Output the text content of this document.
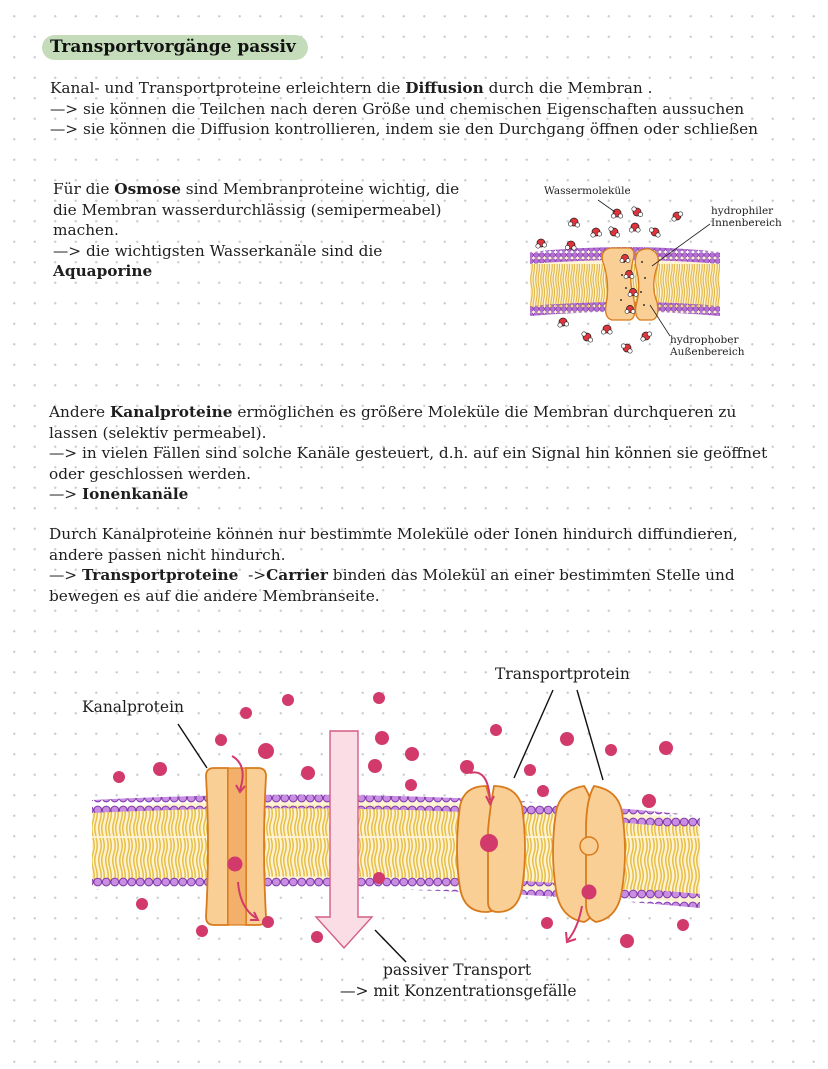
Transportvorgänge passiv
Kanal- und Transportproteine erleichtern die Diffusion durch die Membran .
—> sie können die Teilchen nach deren Größe und chemischen Eigenschaften aussuchen
—> sie können die Diffusion kontrollieren, indem sie den Durchgang öffnen oder schließen
Für die Osmose sind Membranproteine wichtig, die
die Membran wasserdurchlässig (semipermeabel)
machen.
—> die wichtigsten Wasserkanäle sind die
Aquaporine
Wassermoleküle
hydrophiler
Innenbereich
hydrophober
Außenbereich
Andere Kanalproteine ermöglichen es größere Moleküle die Membran durchqueren zu
lassen (selektiv permeabel).
—> in vielen Fällen sind solche Kanäle gesteuert, d.h. auf ein Signal hin können sie geöffnet
oder geschlossen werden.
—> Ionenkanäle
Durch Kanalproteine können nur bestimmte Moleküle oder Ionen hindurch diffundieren,
andere passen nicht hindurch.
—> Transportproteine  ->Carrier binden das Molekül an einer bestimmten Stelle und
bewegen es auf die andere Membranseite.
Kanalprotein
Transportprotein
passiver Transport
—> mit Konzentrationsgefälle
